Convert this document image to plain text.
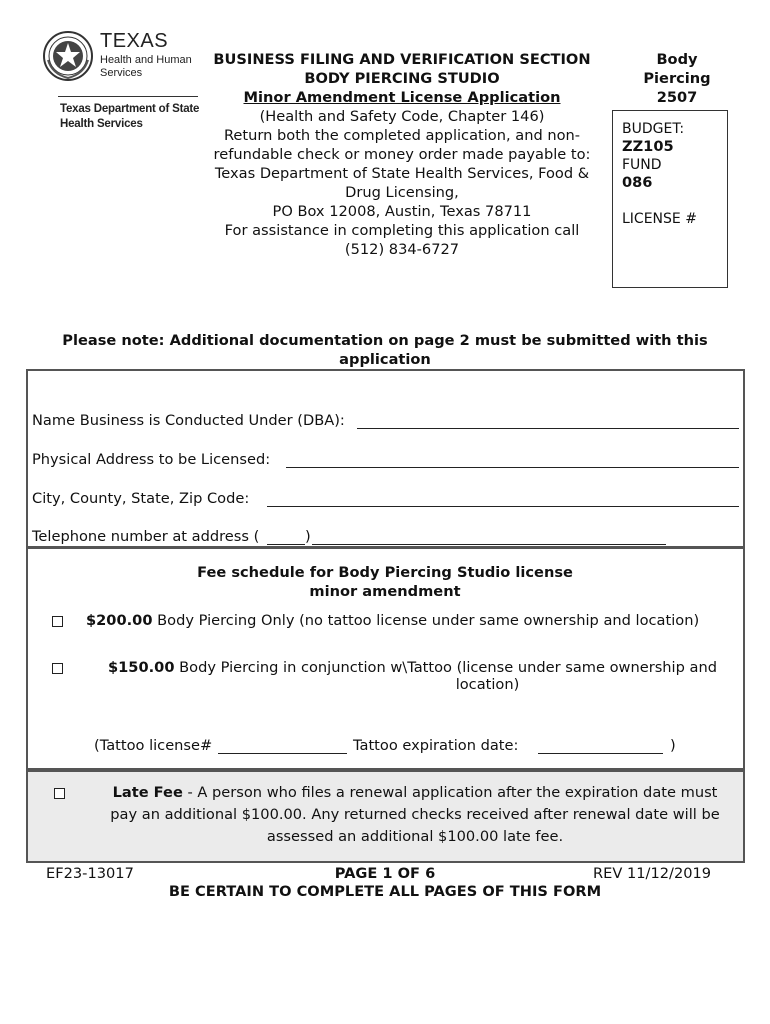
TEXAS
Health and Human
Services
Texas Department of State
Health Services
BUSINESS FILING AND VERIFICATION SECTION
BODY PIERCING STUDIO
Minor Amendment License Application
(Health and Safety Code, Chapter 146)
Return both the completed application, and non-
refundable check or money order made payable to:
Texas Department of State Health Services, Food &
Drug Licensing,
PO Box 12008, Austin, Texas 78711
For assistance in completing this application call
(512) 834-6727
Body
Piercing
2507
BUDGET:
ZZ105
FUND
086
LICENSE #
Please note: Additional documentation on page 2 must be submitted with this
application
Name Business is Conducted Under (DBA):
Physical Address to be Licensed:
City, County, State, Zip Code:
Telephone number at address (	)
Fee schedule for Body Piercing Studio license
minor amendment
$200.00 Body Piercing Only (no tattoo license under same ownership and location)
$150.00 Body Piercing in conjunction w\Tattoo (license under same ownership and
location)
(Tattoo license#	Tattoo expiration date:	)
Late Fee - A person who files a renewal application after the expiration date must
pay an additional $100.00. Any returned checks received after renewal date will be
assessed an additional $100.00 late fee.
EF23-13017	PAGE 1 OF 6	REV 11/12/2019
BE CERTAIN TO COMPLETE ALL PAGES OF THIS FORM
